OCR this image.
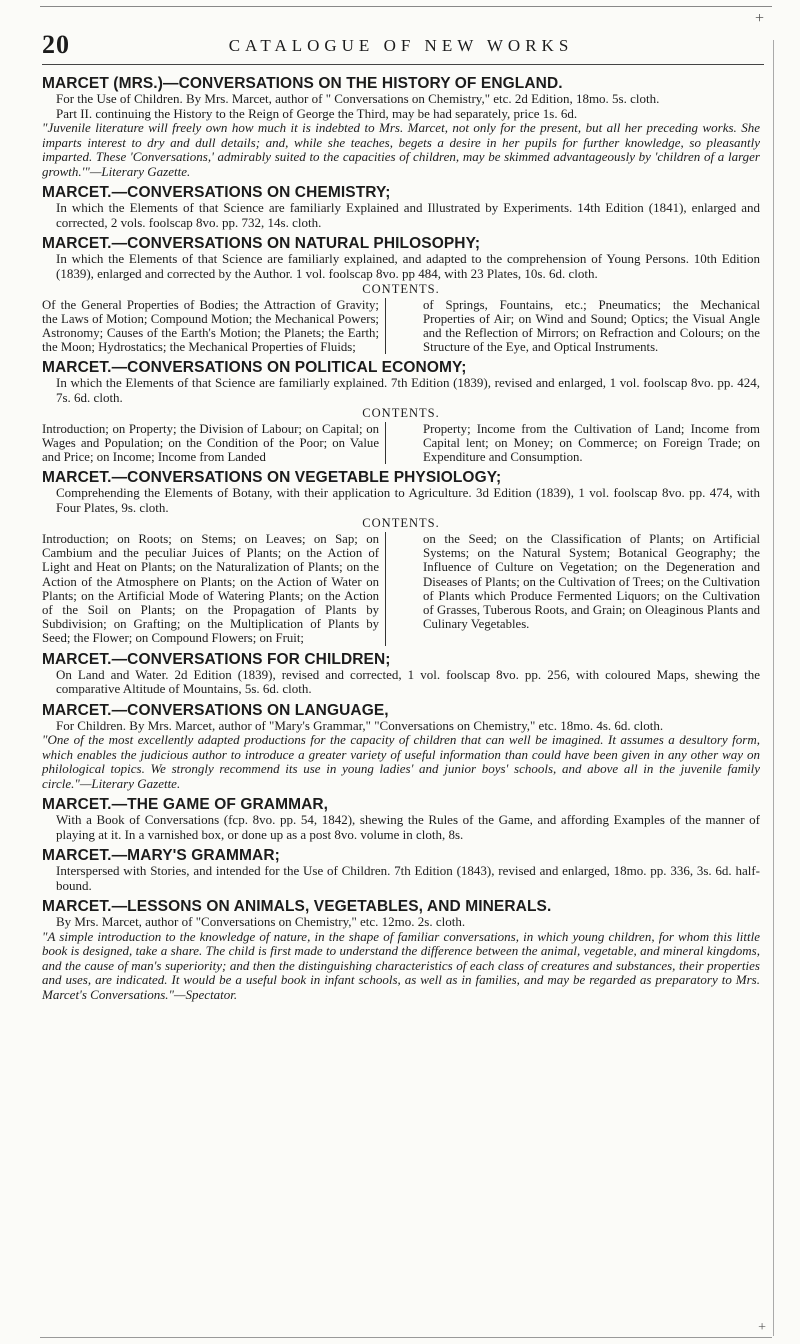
+
20	CATALOGUE OF NEW WORKS
MARCET (MRS.)—CONVERSATIONS ON THE HISTORY OF ENGLAND.
For the Use of Children. By Mrs. Marcet, author of " Conversations on Chemistry," etc. 2d Edition, 18mo. 5s. cloth.
Part II. continuing the History to the Reign of George the Third, may be had separately, price 1s. 6d.
"Juvenile literature will freely own how much it is indebted to Mrs. Marcet, not only for the present, but all her preceding works. She imparts interest to dry and dull details; and, while she teaches, begets a desire in her pupils for further knowledge, so pleasantly imparted. These 'Conversations,' admirably suited to the capacities of children, may be skimmed advantageously by 'children of a larger growth.'"—Literary Gazette.
MARCET.—CONVERSATIONS ON CHEMISTRY;
In which the Elements of that Science are familiarly Explained and Illustrated by Experiments. 14th Edition (1841), enlarged and corrected, 2 vols. foolscap 8vo. pp. 732, 14s. cloth.
MARCET.—CONVERSATIONS ON NATURAL PHILOSOPHY;
In which the Elements of that Science are familiarly explained, and adapted to the comprehension of Young Persons. 10th Edition (1839), enlarged and corrected by the Author. 1 vol. foolscap 8vo. pp 484, with 23 Plates, 10s. 6d. cloth.
CONTENTS.
Of the General Properties of Bodies; the Attraction of Gravity; the Laws of Motion; Compound Motion; the Mechanical Powers; Astronomy; Causes of the Earth's Motion; the Planets; the Earth; the Moon; Hydrostatics; the Mechanical Properties of Fluids;
of Springs, Fountains, etc.; Pneumatics; the Mechanical Properties of Air; on Wind and Sound; Optics; the Visual Angle and the Reflection of Mirrors; on Refraction and Colours; on the Structure of the Eye, and Optical Instruments.
MARCET.—CONVERSATIONS ON POLITICAL ECONOMY;
In which the Elements of that Science are familiarly explained. 7th Edition (1839), revised and enlarged, 1 vol. foolscap 8vo. pp. 424, 7s. 6d. cloth.
CONTENTS.
Introduction; on Property; the Division of Labour; on Capital; on Wages and Population; on the Condition of the Poor; on Value and Price; on Income; Income from Landed
Property; Income from the Cultivation of Land; Income from Capital lent; on Money; on Commerce; on Foreign Trade; on Expenditure and Consumption.
MARCET.—CONVERSATIONS ON VEGETABLE PHYSIOLOGY;
Comprehending the Elements of Botany, with their application to Agriculture. 3d Edition (1839), 1 vol. foolscap 8vo. pp. 474, with Four Plates, 9s. cloth.
CONTENTS.
Introduction; on Roots; on Stems; on Leaves; on Sap; on Cambium and the peculiar Juices of Plants; on the Action of Light and Heat on Plants; on the Naturalization of Plants; on the Action of the Atmosphere on Plants; on the Action of Water on Plants; on the Artificial Mode of Watering Plants; on the Action of the Soil on Plants; on the Propagation of Plants by Subdivision; on Grafting; on the Multiplication of Plants by Seed; the Flower; on Compound Flowers; on Fruit;
on the Seed; on the Classification of Plants; on Artificial Systems; on the Natural System; Botanical Geography; the Influence of Culture on Vegetation; on the Degeneration and Diseases of Plants; on the Cultivation of Trees; on the Cultivation of Plants which Produce Fermented Liquors; on the Cultivation of Grasses, Tuberous Roots, and Grain; on Oleaginous Plants and Culinary Vegetables.
MARCET.—CONVERSATIONS FOR CHILDREN;
On Land and Water. 2d Edition (1839), revised and corrected, 1 vol. foolscap 8vo. pp. 256, with coloured Maps, shewing the comparative Altitude of Mountains, 5s. 6d. cloth.
MARCET.—CONVERSATIONS ON LANGUAGE,
For Children. By Mrs. Marcet, author of "Mary's Grammar," "Conversations on Chemistry," etc. 18mo. 4s. 6d. cloth.
"One of the most excellently adapted productions for the capacity of children that can well be imagined. It assumes a desultory form, which enables the judicious author to introduce a greater variety of useful information than could have been given in any other way on philological topics. We strongly recommend its use in young ladies' and junior boys' schools, and above all in the juvenile family circle."—Literary Gazette.
MARCET.—THE GAME OF GRAMMAR,
With a Book of Conversations (fcp. 8vo. pp. 54, 1842), shewing the Rules of the Game, and affording Examples of the manner of playing at it. In a varnished box, or done up as a post 8vo. volume in cloth, 8s.
MARCET.—MARY'S GRAMMAR;
Interspersed with Stories, and intended for the Use of Children. 7th Edition (1843), revised and enlarged, 18mo. pp. 336, 3s. 6d. half-bound.
MARCET.—LESSONS ON ANIMALS, VEGETABLES, AND MINERALS.
By Mrs. Marcet, author of "Conversations on Chemistry," etc. 12mo. 2s. cloth.
"A simple introduction to the knowledge of nature, in the shape of familiar conversations, in which young children, for whom this little book is designed, take a share. The child is first made to understand the difference between the animal, vegetable, and mineral kingdoms, and the cause of man's superiority; and then the distinguishing characteristics of each class of creatures and substances, their properties and uses, are indicated. It would be a useful book in infant schools, as well as in families, and may be regarded as preparatory to Mrs. Marcet's Conversations."—Spectator.
+
